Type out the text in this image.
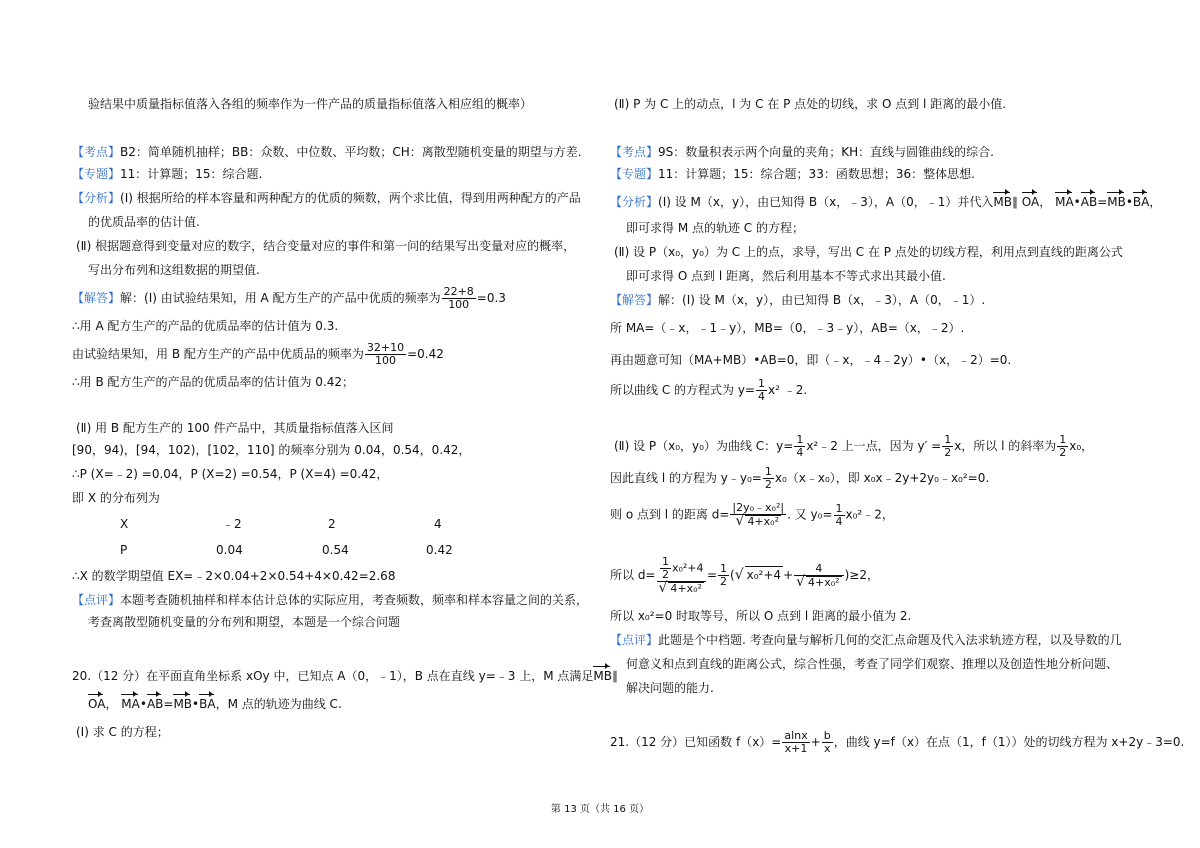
验结果中质量指标值落入各组的频率作为一件产品的质量指标值落入相应组的概率）
【考点】B2：简单随机抽样；BB：众数、中位数、平均数；CH：离散型随机变量的期望与方差.
【专题】11：计算题；15：综合题.
【分析】(Ⅰ) 根据所给的样本容量和两种配方的优质的频数，两个求比值，得到用两种配方的产品
的优质品率的估计值.
(Ⅱ) 根据题意得到变量对应的数字，结合变量对应的事件和第一问的结果写出变量对应的概率，
写出分布列和这组数据的期望值.
【解答】解：(Ⅰ) 由试验结果知，用 A 配方生产的产品中优质的频率为 $\frac{22+8}{100} =0.3$
∴用 A 配方生产的产品的优质品率的估计值为 0.3.
由试验结果知，用 B 配方生产的产品中优质品的频率为 $\frac{32+10}{100} =0.42$
∴用 B 配方生产的产品的优质品率的估计值为 0.42；
(Ⅱ) 用 B 配方生产的 100 件产品中，其质量指标值落入区间
[90，94)，[94，102)，[102，110] 的频率分别为 0.04，0.54，0.42，
∴P (X=﹣2) =0.04，P (X=2) =0.54，P (X=4) =0.42，
即 X 的分布列为
X	﹣2	2	4
P	0.04	0.54	0.42
∴X 的数学期望值 EX=﹣2×0.04+2×0.54+4×0.42=2.68
【点评】本题考查随机抽样和样本估计总体的实际应用，考查频数，频率和样本容量之间的关系，
考查离散型随机变量的分布列和期望，本题是一个综合问题
20.（12 分）在平面直角坐标系 xOy 中，已知点 A（0，﹣1），B 点在直线 y=﹣3 上，M 点满足MB∥
OA， MA•AB=MB•BA，M 点的轨迹为曲线 C.
(Ⅰ) 求 C 的方程；
(Ⅱ) P 为 C 上的动点，l 为 C 在 P 点处的切线，求 O 点到 l 距离的最小值.
【考点】9S：数量积表示两个向量的夹角；KH：直线与圆锥曲线的综合.
【专题】11：计算题；15：综合题；33：函数思想；36：整体思想.
【分析】(Ⅰ) 设 M（x，y），由已知得 B（x，﹣3），A（0，﹣1）并代入MB∥ OA， MA•AB=MB•BA，
即可求得 M 点的轨迹 C 的方程；
(Ⅱ) 设 P（x₀，y₀）为 C 上的点，求导，写出 C 在 P 点处的切线方程，利用点到直线的距离公式
即可求得 O 点到 l 距离，然后利用基本不等式求出其最小值.
【解答】解：(Ⅰ) 设 M（x，y），由已知得 B（x，﹣3），A（0，﹣1）.
所 MA=（﹣x，﹣1﹣y），MB=（0，﹣3﹣y），AB=（x，﹣2）.
再由题意可知（MA+MB）•AB=0，即（﹣x，﹣4﹣2y）•（x，﹣2）=0.
所以曲线 C 的方程式为 $y= \frac{1}{4} x^2$ ﹣2.
(Ⅱ) 设 P（x₀，y₀）为曲线 C：$y= \frac{1}{4}$ x²﹣2 上一点，因为 $y' = \frac{1}{2}$ x，所以 l 的斜率为 $\frac{1}{2} x_0$，
因此直线 l 的方程为 y﹣y₀= $\frac{1}{2}$ x₀（x﹣x₀），即 x₀x﹣2y+2y₀﹣x₀²=0.
则 o 点到 l 的距离 $d= \frac{\text{|2y₀﹣x₀²|}}{\text{√ 4+x₀²}}$ . 又 $y_0= \frac{1}{4}$ x₀²﹣2，
所以 $d= \frac{\frac{1}{2} x_0^2+4}{\text{√ 4+x₀²}} = \frac{1}{2}$ (√ $x_0^2+4 + \frac{4}{\text{√ 4+x₀²}} )\ge 2$，
所以 x₀²=0 时取等号，所以 O 点到 l 距离的最小值为 2.
【点评】此题是个中档题. 考查向量与解析几何的交汇点命题及代入法求轨迹方程，以及导数的几
何意义和点到直线的距离公式，综合性强，考查了同学们观察、推理以及创造性地分析问题、
解决问题的能力.
21.（12 分）已知函数 $f(x)= \frac{alnx}{x+1} + \frac{b}{x}$ ，曲线 y=f（x）在点（1，f（1））处的切线方程为 x+2y﹣3=0.
第 13 页（共 16 页）
